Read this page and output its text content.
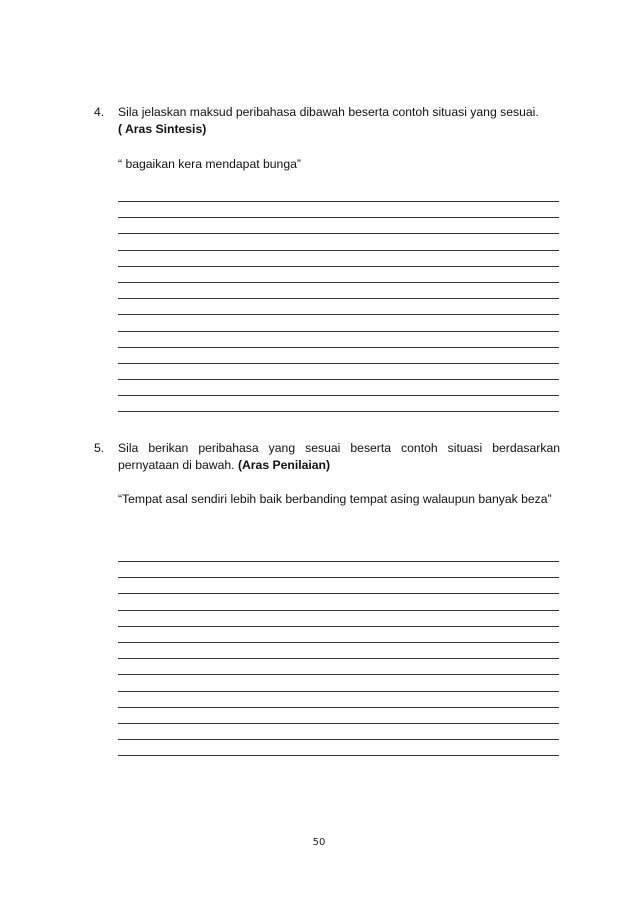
4. Sila jelaskan maksud peribahasa dibawah beserta contoh situasi yang sesuai.
( Aras Sintesis)
“ bagaikan kera mendapat bunga”
5. Sila berikan peribahasa yang sesuai beserta contoh situasi berdasarkan pernyataan di bawah. (Aras Penilaian)
“Tempat asal sendiri lebih baik berbanding tempat asing walaupun banyak beza”
50
